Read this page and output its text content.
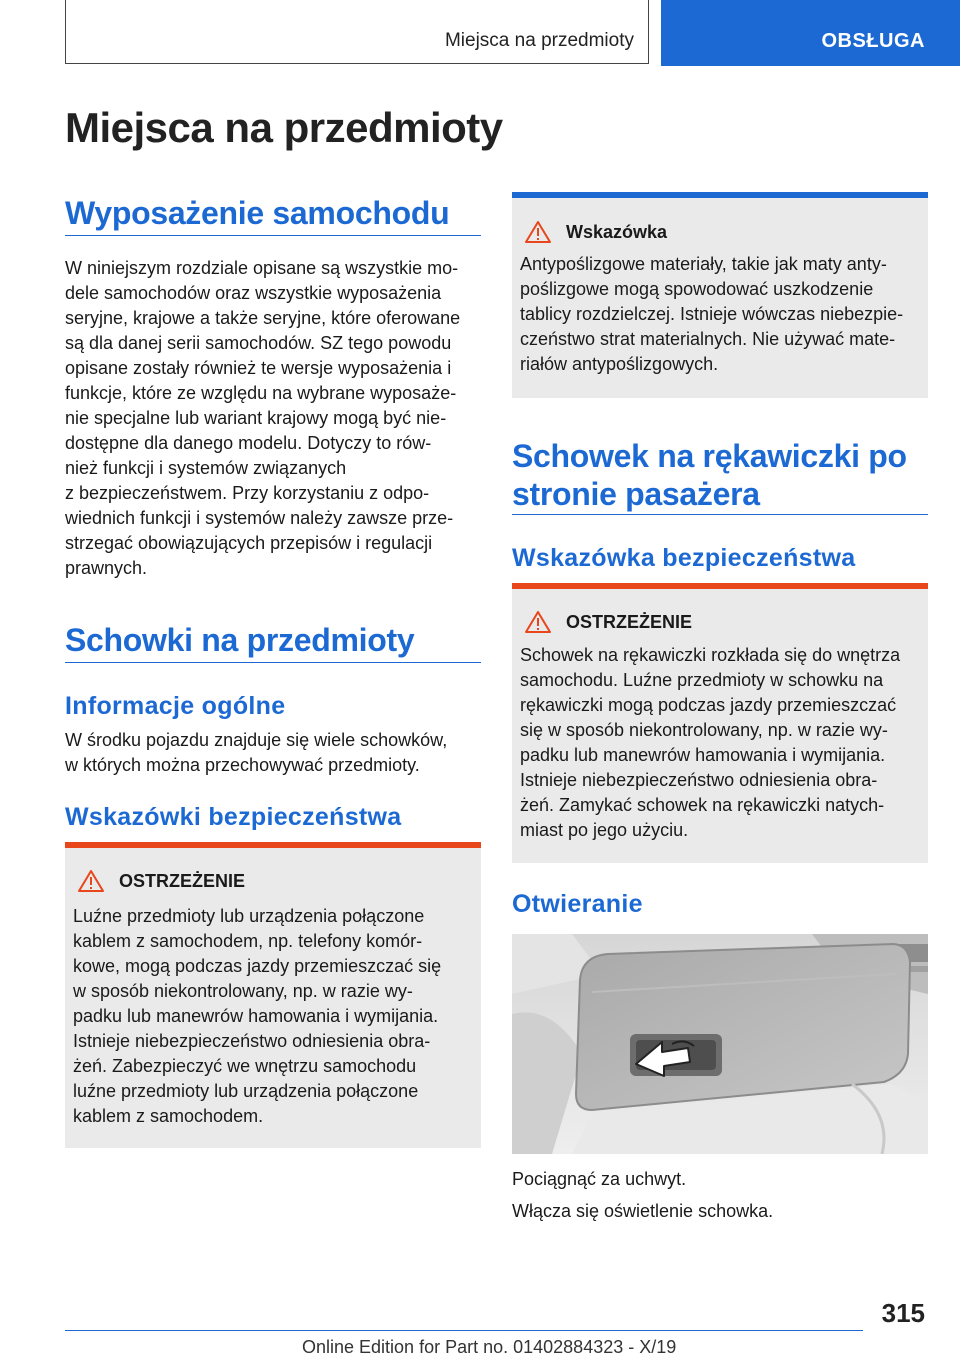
Miejsca na przedmioty	OBSŁUGA
Miejsca na przedmioty
Wyposażenie samochodu
W niniejszym rozdziale opisane są wszystkie mo‐
dele samochodów oraz wszystkie wyposażenia
seryjne, krajowe a także seryjne, które oferowane
są dla danej serii samochodów. SZ tego powodu
opisane zostały również te wersje wyposażenia i
funkcje, które ze względu na wybrane wyposaże‐
nie specjalne lub wariant krajowy mogą być nie‐
dostępne dla danego modelu. Dotyczy to rów‐
nież funkcji i systemów związanych
z bezpieczeństwem. Przy korzystaniu z odpo‐
wiednich funkcji i systemów należy zawsze prze‐
strzegać obowiązujących przepisów i regulacji
prawnych.
Schowki na przedmioty
Informacje ogólne
W środku pojazdu znajduje się wiele schowków,
w których można przechowywać przedmioty.
Wskazówki bezpieczeństwa
OSTRZEŻENIE
Luźne przedmioty lub urządzenia połączone
kablem z samochodem, np. telefony komór‐
kowe, mogą podczas jazdy przemieszczać się
w sposób niekontrolowany, np. w razie wy‐
padku lub manewrów hamowania i wymijania.
Istnieje niebezpieczeństwo odniesienia obra‐
żeń. Zabezpieczyć we wnętrzu samochodu
luźne przedmioty lub urządzenia połączone
kablem z samochodem.
Wskazówka
Antypoślizgowe materiały, takie jak maty anty‐
poślizgowe mogą spowodować uszkodzenie
tablicy rozdzielczej. Istnieje wówczas niebezpie‐
czeństwo strat materialnych. Nie używać mate‐
riałów antypoślizgowych.
Schowek na rękawiczki po
stronie pasażera
Wskazówka bezpieczeństwa
OSTRZEŻENIE
Schowek na rękawiczki rozkłada się do wnętrza
samochodu. Luźne przedmioty w schowku na
rękawiczki mogą podczas jazdy przemieszczać
się w sposób niekontrolowany, np. w razie wy‐
padku lub manewrów hamowania i wymijania.
Istnieje niebezpieczeństwo odniesienia obra‐
żeń. Zamykać schowek na rękawiczki natych‐
miast po jego użyciu.
Otwieranie
Pociągnąć za uchwyt.
Włącza się oświetlenie schowka.
315
Online Edition for Part no. 01402884323 - X/19
